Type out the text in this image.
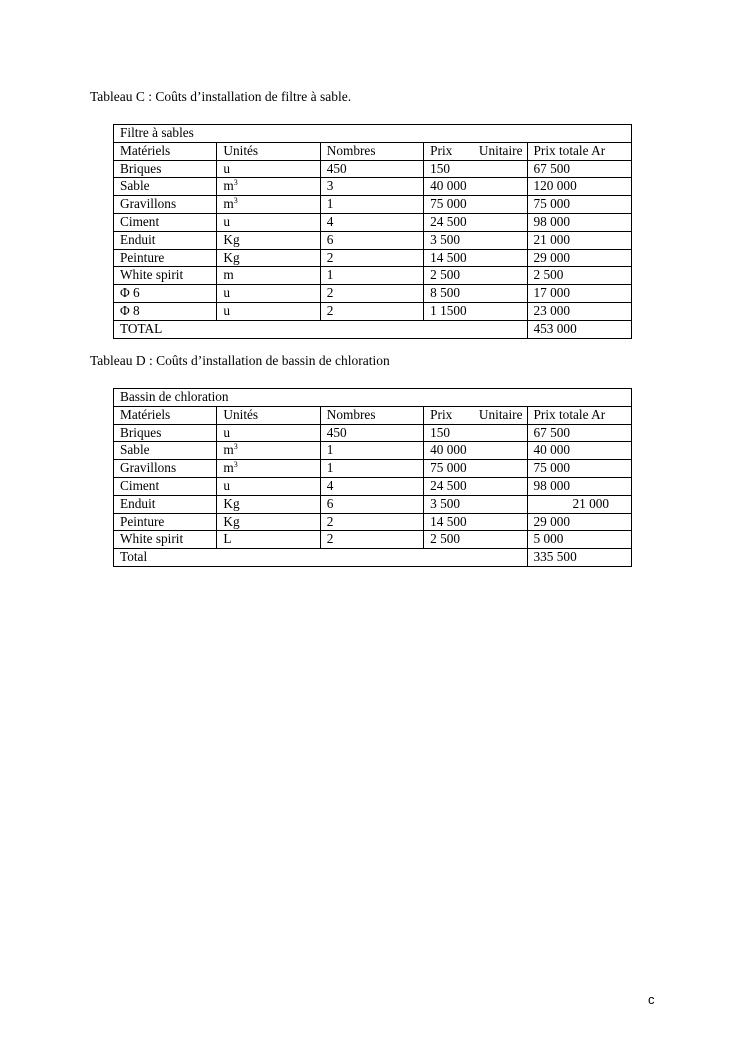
Tableau C : Coûts d’installation de filtre à sable.
Filtre à sables				
Matériels	Unités	Nombres	Prix Unitaire	Prix totale Ar
Briques	u	450	150	67 500
Sable	$m^3$	3	40 000	120 000
Gravillons	$m^3$	1	75 000	75 000
Ciment	u	4	24 500	98 000
Enduit	Kg	6	3 500	21 000
Peinture	Kg	2	14 500	29 000
White spirit	m	1	2 500	2 500
Φ 6	u	2	8 500	17 000
Φ 8	u	2	1 1500	23 000
TOTAL				453 000
Tableau D : Coûts d’installation de bassin de chloration
Bassin de chloration				
Matériels	Unités	Nombres	Prix Unitaire	Prix totale Ar
Briques	u	450	150	67 500
Sable	$m^3$	1	40 000	40 000
Gravillons	$m^3$	1	75 000	75 000
Ciment	u	4	24 500	98 000
Enduit	Kg	6	3 500	21 000
Peinture	Kg	2	14 500	29 000
White spirit	L	2	2 500	5 000
Total				335 500
c
